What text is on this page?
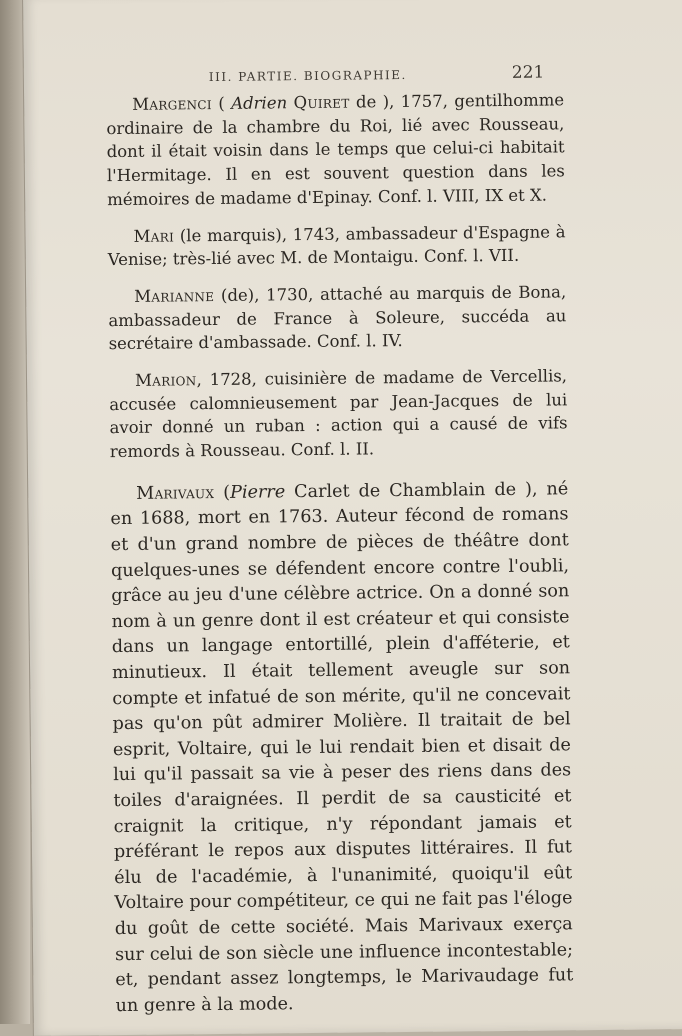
III. PARTIE. BIOGRAPHIE.	221

Margenci ( Adrien Quiret de ), 1757, gentilhomme ordinaire de la chambre du Roi, lié avec Rousseau, dont il était voisin dans le temps que celui-ci habitait l'Hermitage. Il en est souvent question dans les mémoires de madame d'Epinay. Conf. l. VIII, IX et X.

Mari (le marquis), 1743, ambassadeur d'Espagne à Venise; très-lié avec M. de Montaigu. Conf. l. VII.

Marianne (de), 1730, attaché au marquis de Bona, ambassadeur de France à Soleure, succéda au secrétaire d'ambassade. Conf. l. IV.

Marion, 1728, cuisinière de madame de Vercellis, accusée calomnieusement par Jean-Jacques de lui avoir donné un ruban : action qui a causé de vifs remords à Rousseau. Conf. l. II.

Marivaux (Pierre Carlet de Chamblain de ), né en 1688, mort en 1763. Auteur fécond de romans et d'un grand nombre de pièces de théâtre dont quelques-unes se défendent encore contre l'oubli, grâce au jeu d'une célèbre actrice. On a donné son nom à un genre dont il est créateur et qui consiste dans un langage entortillé, plein d'afféterie, et minutieux. Il était tellement aveugle sur son compte et infatué de son mérite, qu'il ne concevait pas qu'on pût admirer Molière. Il traitait de bel esprit, Voltaire, qui le lui rendait bien et disait de lui qu'il passait sa vie à peser des riens dans des toiles d'araignées. Il perdit de sa causticité et craignit la critique, n'y répondant jamais et préférant le repos aux disputes littéraires. Il fut élu de l'académie, à l'unanimité, quoiqu'il eût Voltaire pour compétiteur, ce qui ne fait pas l'éloge du goût de cette société. Mais Marivaux exerça sur celui de son siècle une influence incontestable; et, pendant assez longtemps, le Marivaudage fut un genre à la mode.
